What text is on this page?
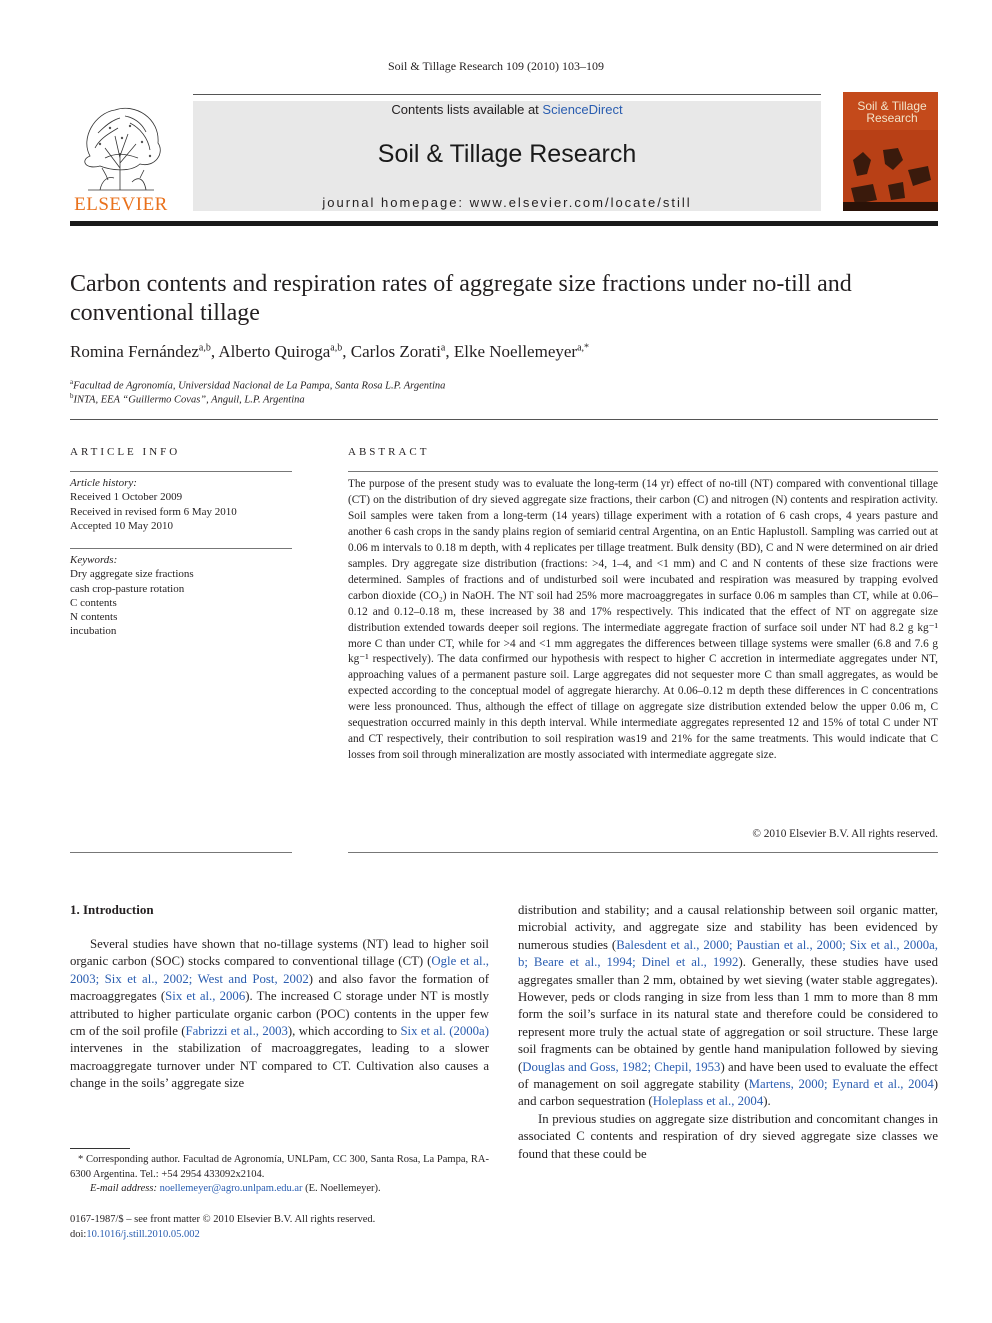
Soil & Tillage Research 109 (2010) 103–109
ELSEVIER
Contents lists available at ScienceDirect
Soil & Tillage Research
journal homepage: www.elsevier.com/locate/still
Soil & Tillage
Research
Carbon contents and respiration rates of aggregate size fractions under no-till and conventional tillage
Romina Fernández$^{a,b}$, Alberto Quiroga$^{a,b}$, Carlos Zorati$^a$, Elke Noellemeyer$^{a,*}$
$^a$Facultad de Agronomía, Universidad Nacional de La Pampa, Santa Rosa L.P. Argentina
$^b$INTA, EEA “Guillermo Covas”, Anguil, L.P. Argentina
ARTICLE INFO	ABSTRACT
Article history:
Received 1 October 2009
Received in revised form 6 May 2010
Accepted 10 May 2010
Keywords:
Dry aggregate size fractions
cash crop-pasture rotation
C contents
N contents
incubation
The purpose of the present study was to evaluate the long-term (14 yr) effect of no-till (NT) compared with conventional tillage (CT) on the distribution of dry sieved aggregate size fractions, their carbon (C) and nitrogen (N) contents and respiration activity. Soil samples were taken from a long-term (14 years) tillage experiment with a rotation of 6 cash crops, 4 years pasture and another 6 cash crops in the sandy plains region of semiarid central Argentina, on an Entic Haplustoll. Sampling was carried out at 0.06 m intervals to 0.18 m depth, with 4 replicates per tillage treatment. Bulk density (BD), C and N were determined on air dried samples. Dry aggregate size distribution (fractions: >4, 1–4, and <1 mm) and C and N contents of these size fractions were determined. Samples of fractions and of undisturbed soil were incubated and respiration was measured by trapping evolved carbon dioxide (CO₂) in NaOH. The NT soil had 25% more macroaggregates in surface 0.06 m samples than CT, while at 0.06–0.12 and 0.12–0.18 m, these increased by 38 and 17% respectively. This indicated that the effect of NT on aggregate size distribution extended towards deeper soil regions. The intermediate aggregate fraction of surface soil under NT had 8.2 g kg⁻¹ more C than under CT, while for >4 and <1 mm aggregates the differences between tillage systems were smaller (6.8 and 7.6 g kg⁻¹ respectively). The data confirmed our hypothesis with respect to higher C accretion in intermediate aggregates under NT, approaching values of a permanent pasture soil. Large aggregates did not sequester more C than small aggregates, as would be expected according to the conceptual model of aggregate hierarchy. At 0.06–0.12 m depth these differences in C concentrations were less pronounced. Thus, although the effect of tillage on aggregate size distribution extended below the upper 0.06 m, C sequestration occurred mainly in this depth interval. While intermediate aggregates represented 12 and 15% of total C under NT and CT respectively, their contribution to soil respiration was19 and 21% for the same treatments. This would indicate that C losses from soil through mineralization are mostly associated with intermediate aggregate size.
© 2010 Elsevier B.V. All rights reserved.
1. Introduction

Several studies have shown that no-tillage systems (NT) lead to higher soil organic carbon (SOC) stocks compared to conventional tillage (CT) (Ogle et al., 2003; Six et al., 2002; West and Post, 2002) and also favor the formation of macroaggregates (Six et al., 2006). The increased C storage under NT is mostly attributed to higher particulate organic carbon (POC) contents in the upper few cm of the soil profile (Fabrizzi et al., 2003), which according to Six et al. (2000a) intervenes in the stabilization of macroaggregates, leading to a slower macroaggregate turnover under NT compared to CT. Cultivation also causes a change in the soils’ aggregate size

distribution and stability; and a causal relationship between soil organic matter, microbial activity, and aggregate size and stability has been evidenced by numerous studies (Balesdent et al., 2000; Paustian et al., 2000; Six et al., 2000a, b; Beare et al., 1994; Dinel et al., 1992). Generally, these studies have used aggregates smaller than 2 mm, obtained by wet sieving (water stable aggregates). However, peds or clods ranging in size from less than 1 mm to more than 8 mm form the soil’s surface in its natural state and therefore could be considered to represent more truly the actual state of aggregation or soil structure. These large soil fragments can be obtained by gentle hand manipulation followed by sieving (Douglas and Goss, 1982; Chepil, 1953) and have been used to evaluate the effect of management on soil aggregate stability (Martens, 2000; Eynard et al., 2004) and carbon sequestration (Holeplass et al., 2004).

In previous studies on aggregate size distribution and concomitant changes in associated C contents and respiration of dry sieved aggregate size classes we found that these could be

* Corresponding author. Facultad de Agronomía, UNLPam, CC 300, Santa Rosa, La Pampa, RA-6300 Argentina. Tel.: +54 2954 433092x2104.
E-mail address: noellemeyer@agro.unlpam.edu.ar (E. Noellemeyer).
0167-1987/$ – see front matter © 2010 Elsevier B.V. All rights reserved.
doi:10.1016/j.still.2010.05.002
